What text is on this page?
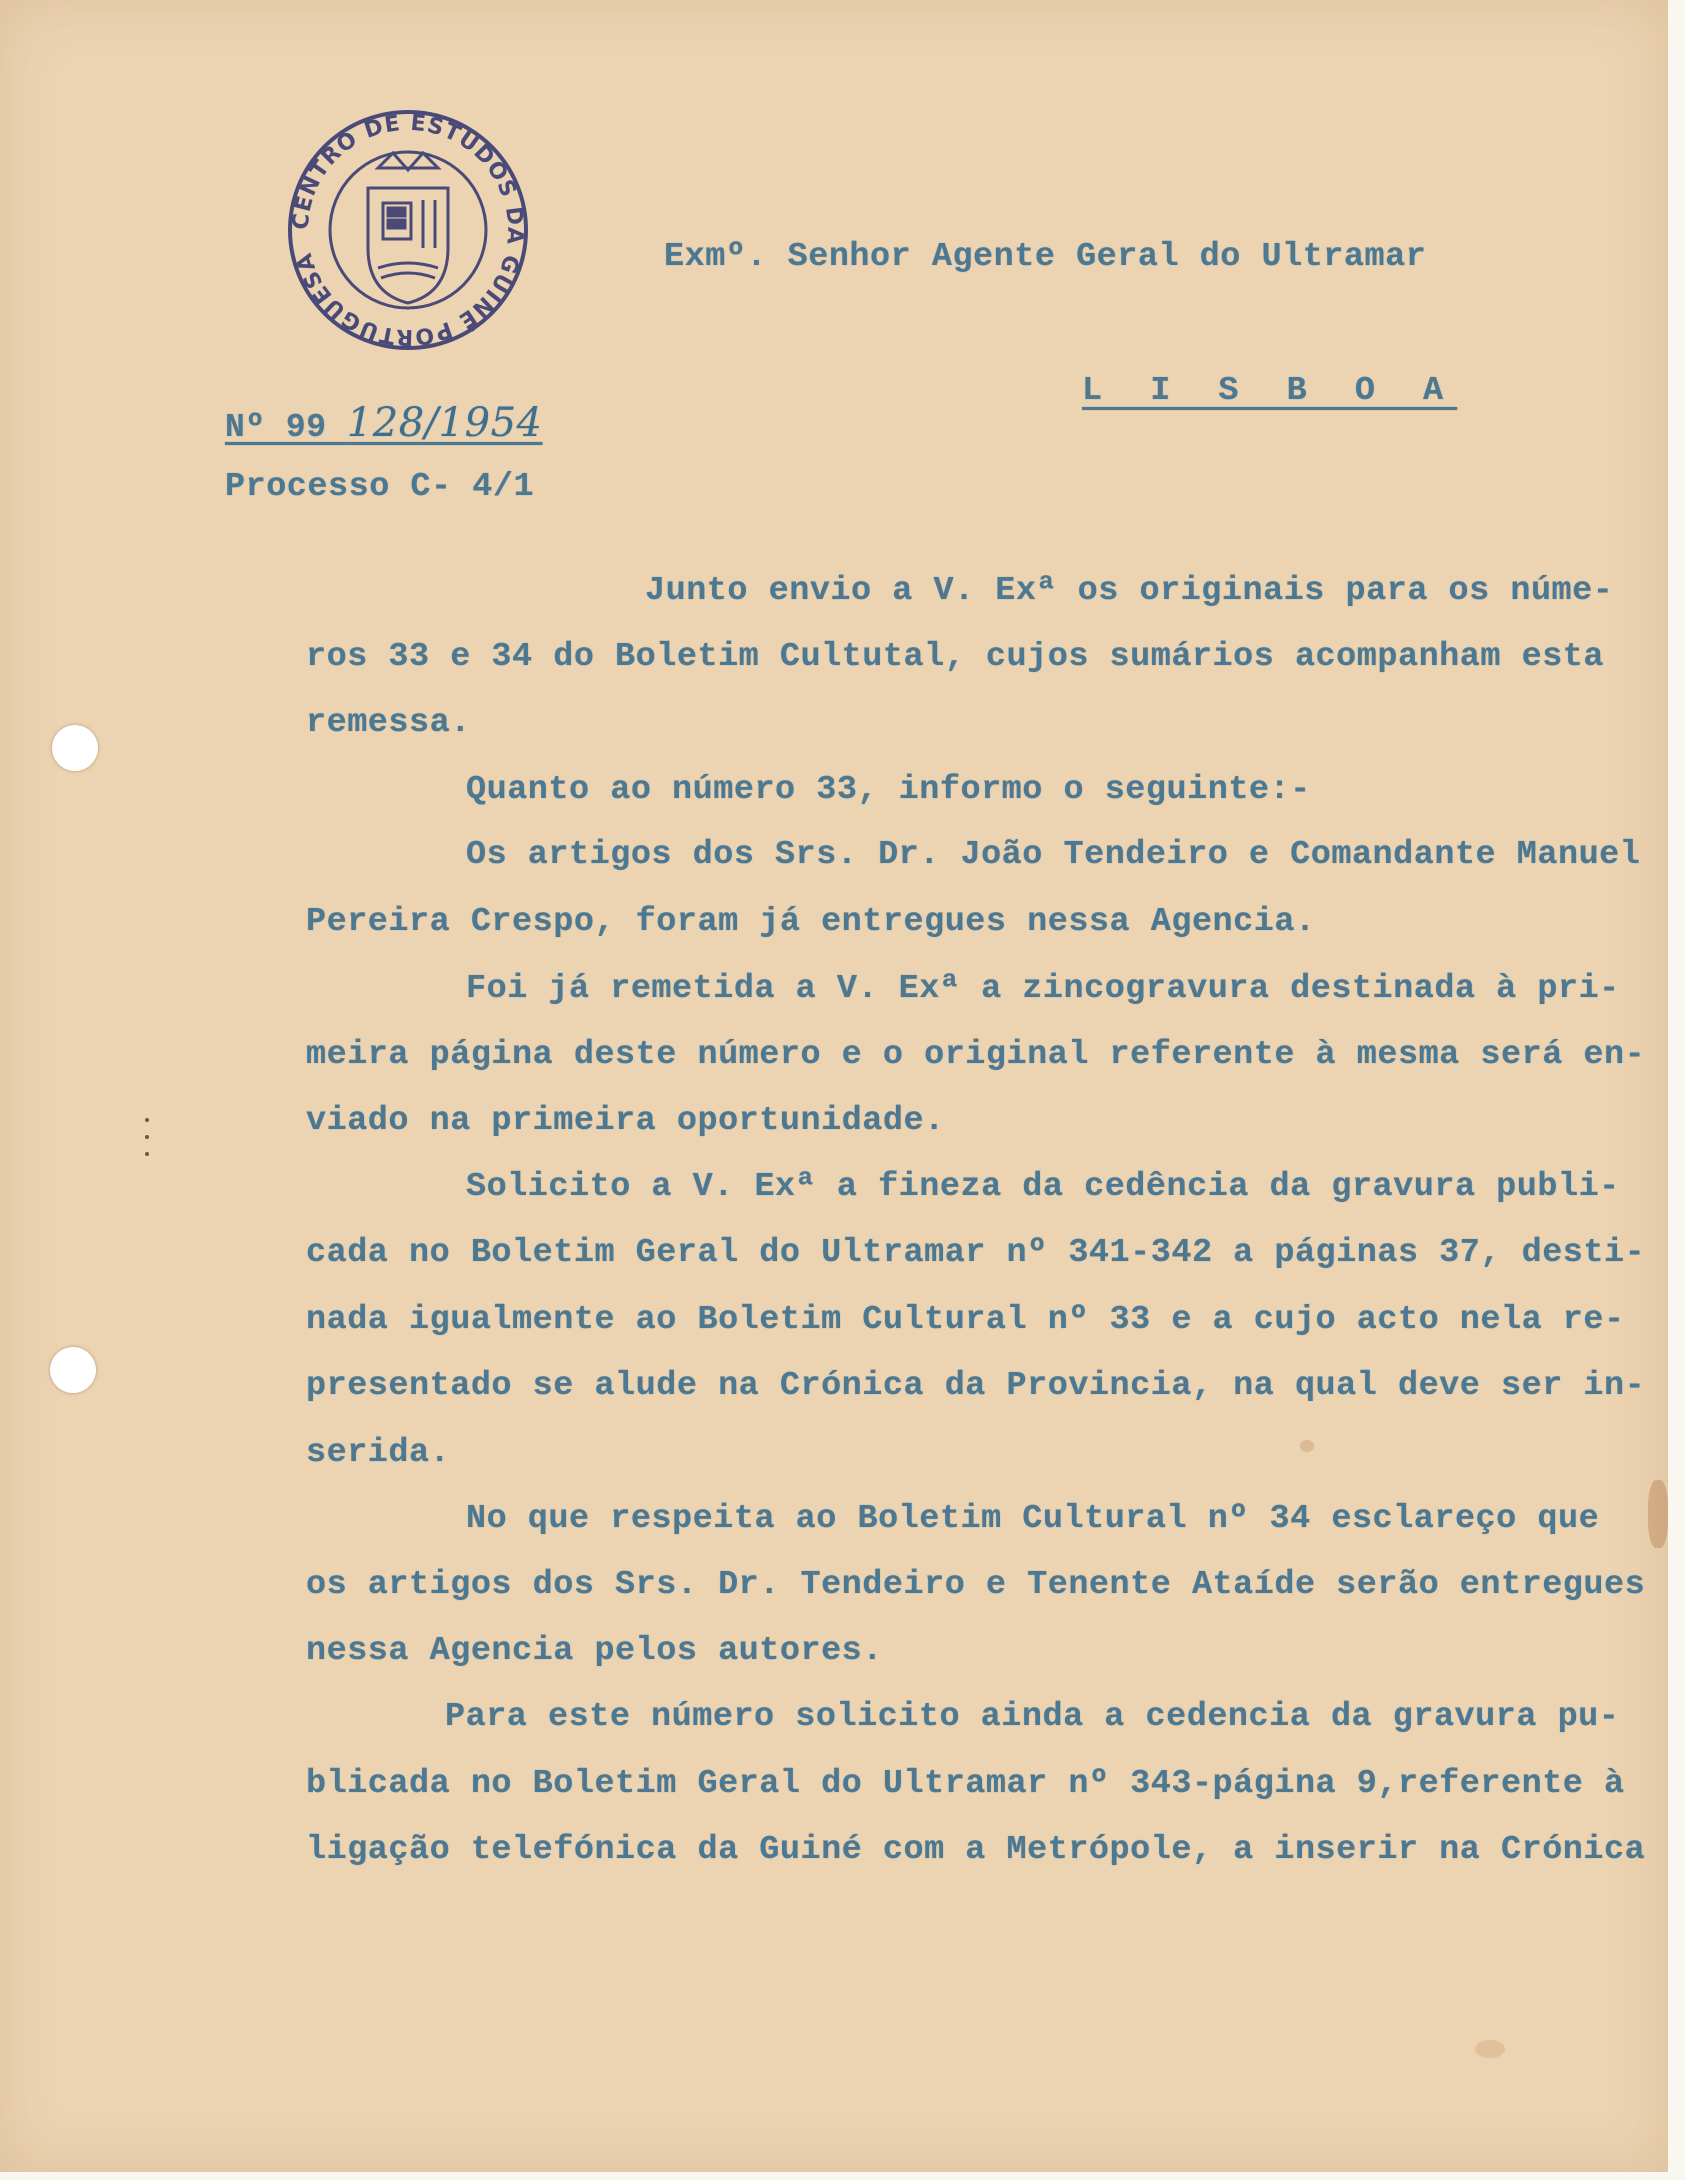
CENTRO DE ESTUDOS DA GUINÉ PORTUGUESA	Exmº. Senhor Agente Geral do Ultramar
L I S B O A
Nº 99 128/1954
Processo C- 4/1
Junto envio a V. Exª os originais para os núme-
ros 33 e 34 do Boletim Cultutal, cujos sumários acompanham esta
remessa.
Quanto ao número 33, informo o seguinte:-
Os artigos dos Srs. Dr. João Tendeiro e Comandante Manuel
Pereira Crespo, foram já entregues nessa Agencia.
Foi já remetida a V. Exª a zincogravura destinada à pri-
meira página deste número e o original referente à mesma será en-
viado na primeira oportunidade.
Solicito a V. Exª a fineza da cedência da gravura publi-
cada no Boletim Geral do Ultramar nº 341-342 a páginas 37, desti-
nada igualmente ao Boletim Cultural nº 33 e a cujo acto nela re-
presentado se alude na Crónica da Provincia, na qual deve ser in-
serida.
No que respeita ao Boletim Cultural nº 34 esclareço que
os artigos dos Srs. Dr. Tendeiro e Tenente Ataíde serão entregues
nessa Agencia pelos autores.
Para este número solicito ainda a cedencia da gravura pu-
blicada no Boletim Geral do Ultramar nº 343-página 9,referente à
ligação telefónica da Guiné com a Metrópole, a inserir na Crónica
